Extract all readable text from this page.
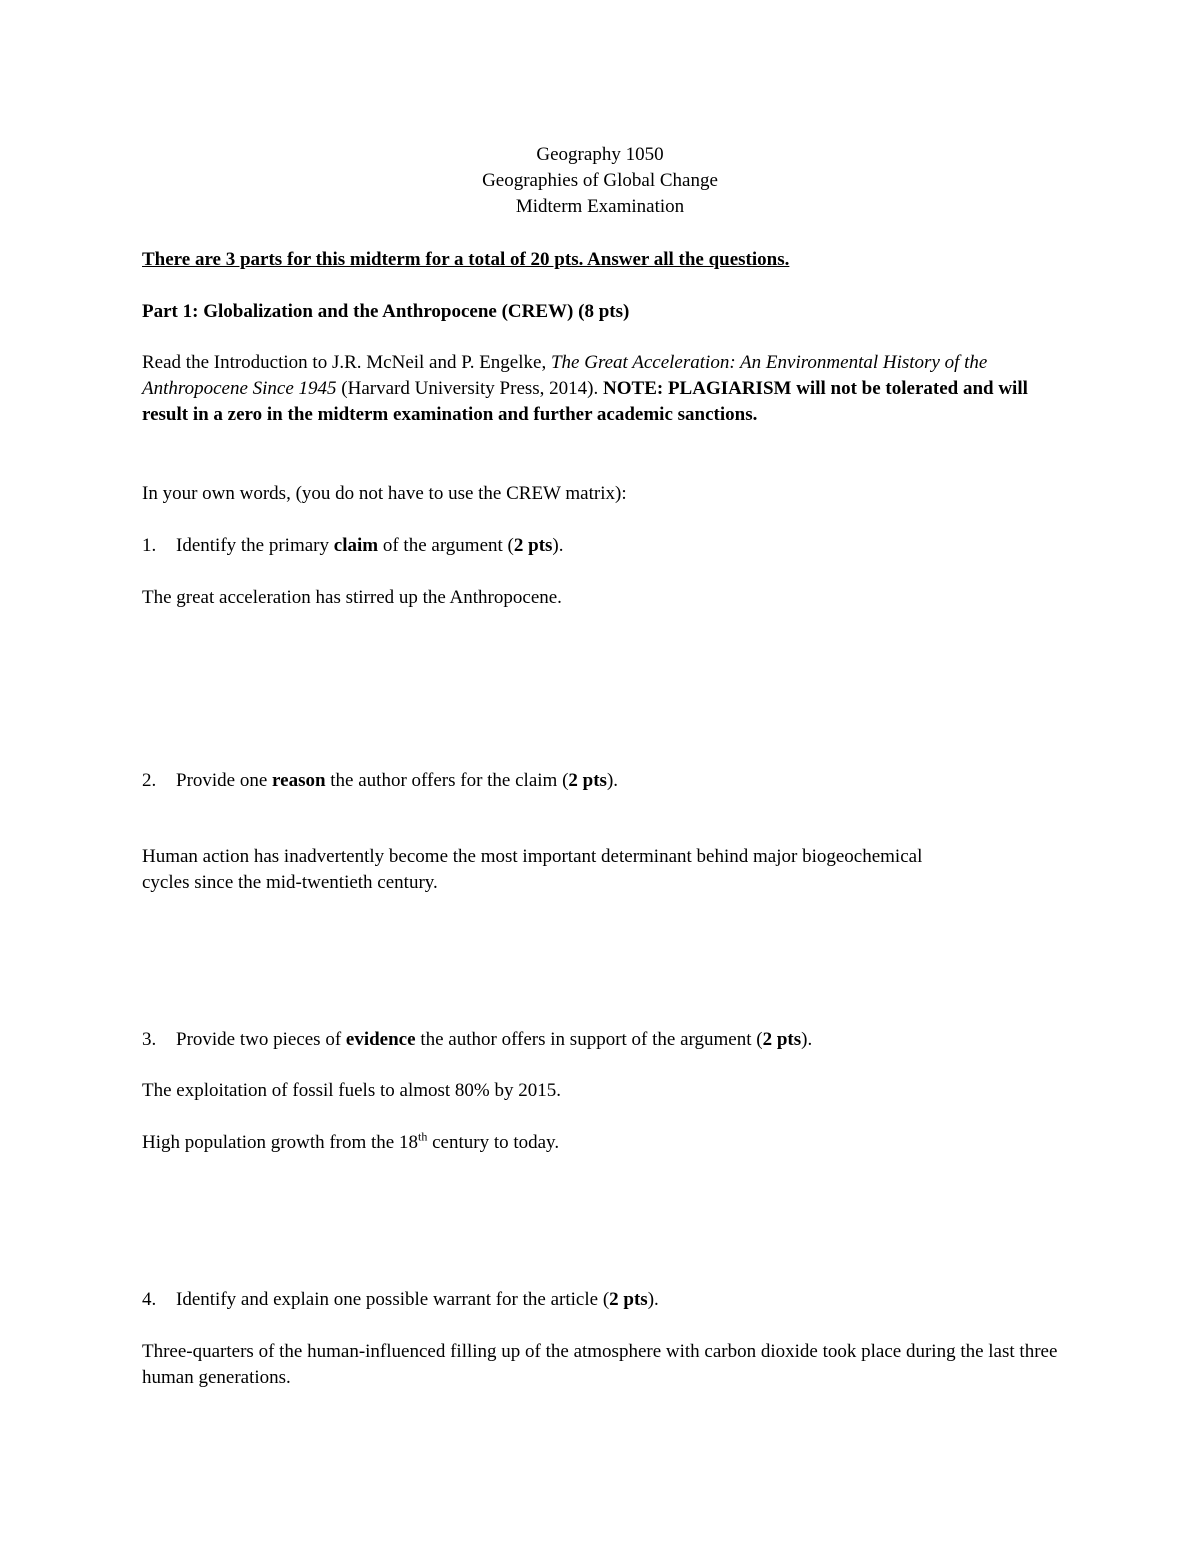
Geography 1050
Geographies of Global Change
Midterm Examination
There are 3 parts for this midterm for a total of 20 pts. Answer all the questions.
Part 1: Globalization and the Anthropocene (CREW) (8 pts)
Read the Introduction to J.R. McNeil and P. Engelke, The Great Acceleration: An Environmental History of the Anthropocene Since 1945 (Harvard University Press, 2014). NOTE: PLAGIARISM will not be tolerated and will result in a zero in the midterm examination and further academic sanctions.
In your own words, (you do not have to use the CREW matrix):
1. Identify the primary claim of the argument (2 pts).
The great acceleration has stirred up the Anthropocene.
2. Provide one reason the author offers for the claim (2 pts).
Human action has inadvertently become the most important determinant behind major biogeochemical cycles since the mid-twentieth century.
3. Provide two pieces of evidence the author offers in support of the argument (2 pts).
The exploitation of fossil fuels to almost 80% by 2015.
High population growth from the 18th century to today.
4. Identify and explain one possible warrant for the article (2 pts).
Three-quarters of the human-influenced filling up of the atmosphere with carbon dioxide took place during the last three human generations.
